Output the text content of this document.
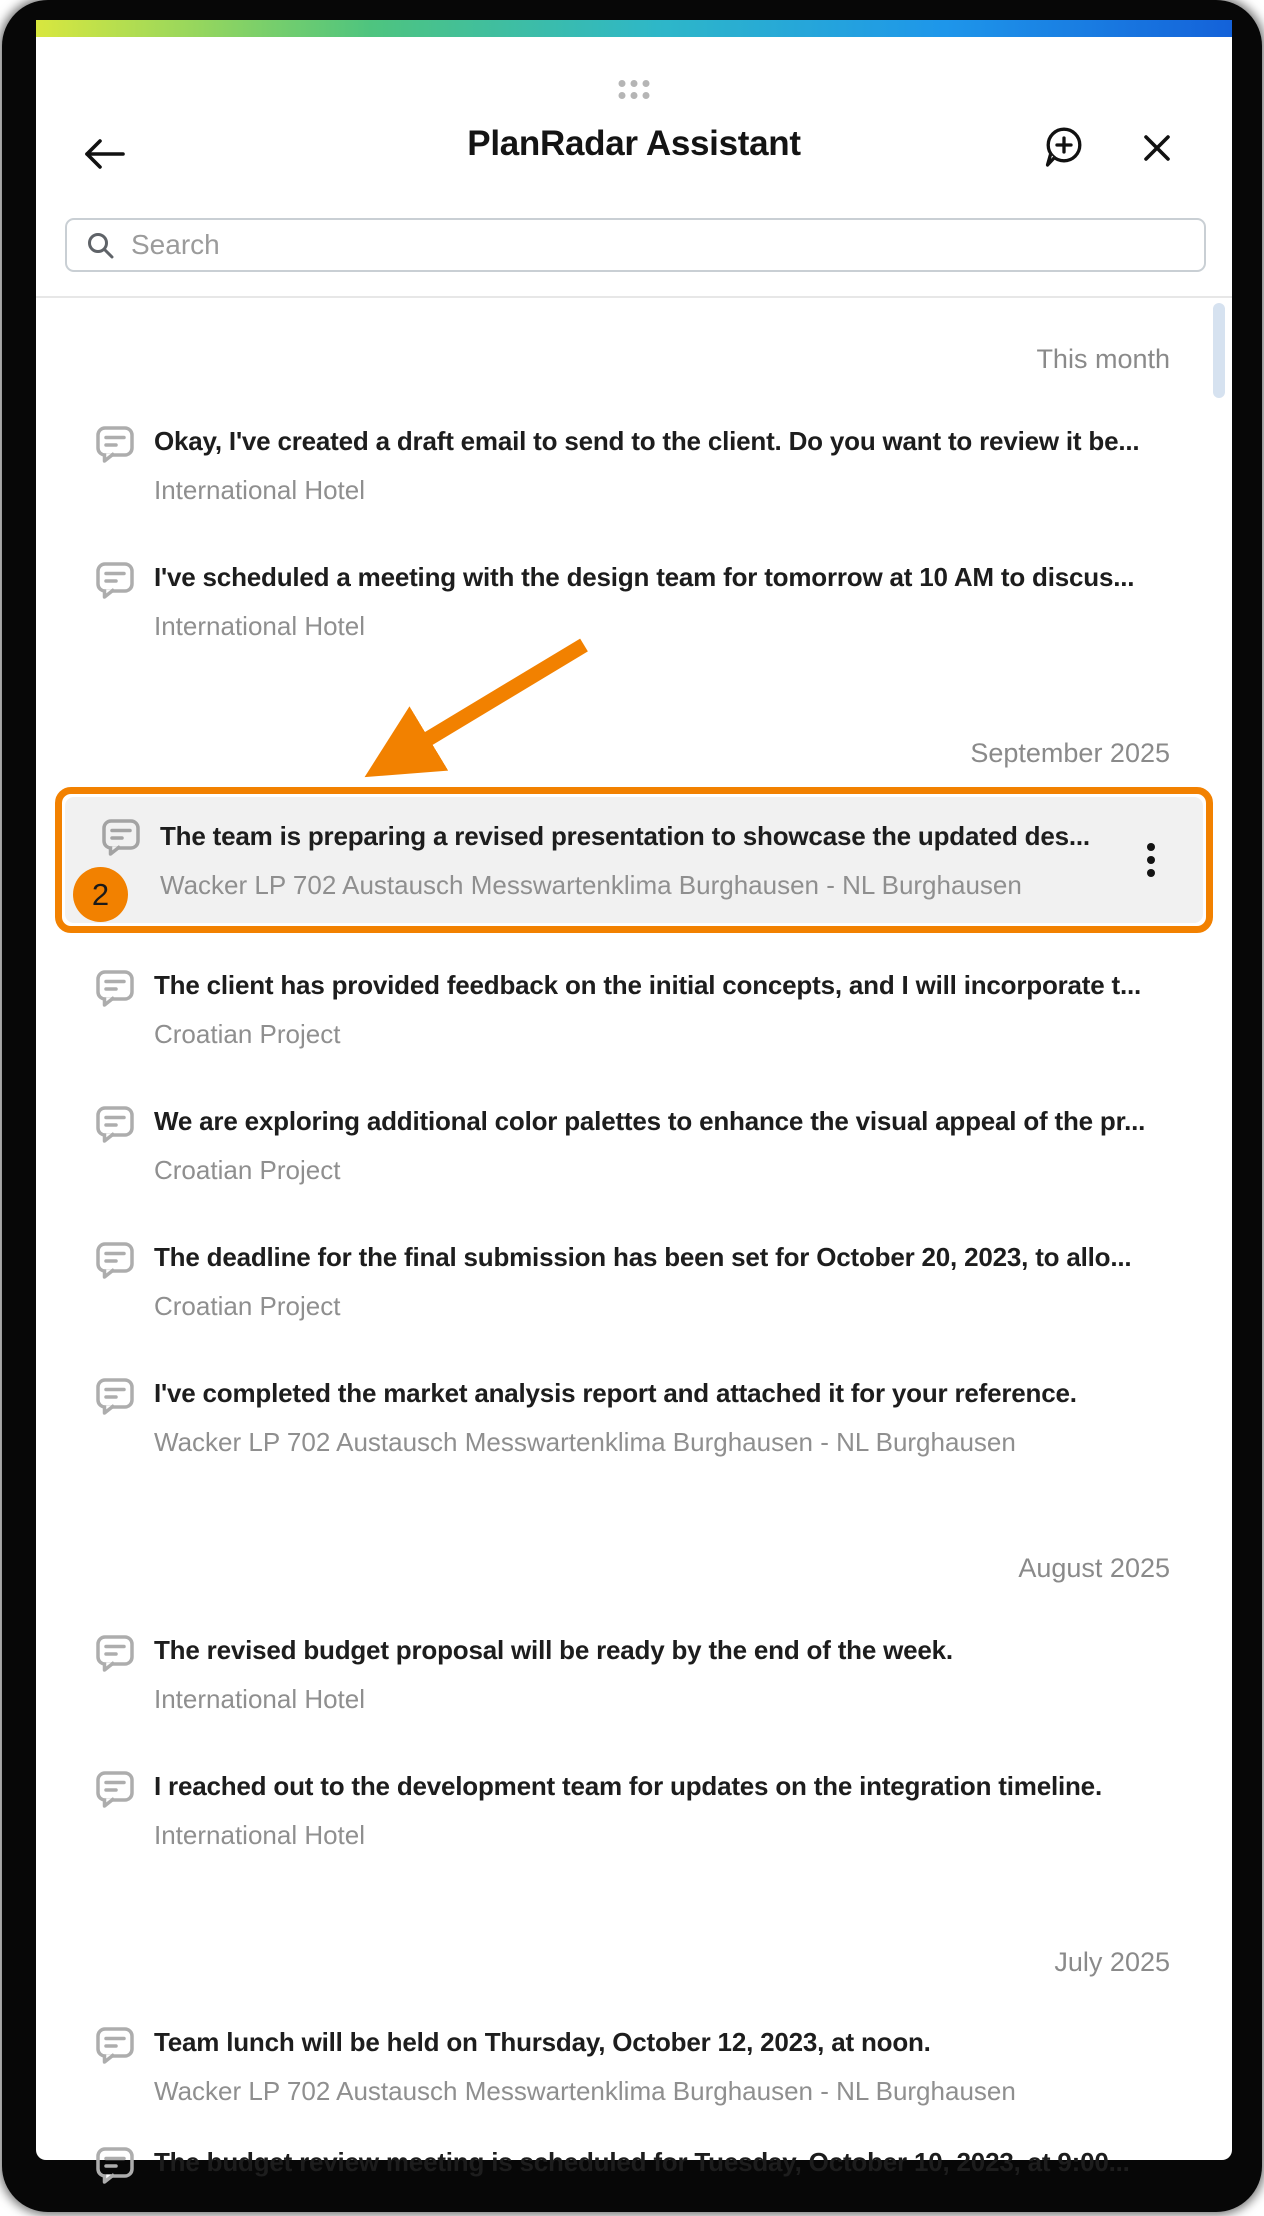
PlanRadar Assistant
Search
This month
Okay, I've created a draft email to send to the client. Do you want to review it be...
International Hotel
I've scheduled a meeting with the design team for tomorrow at 10 AM to discus...
International Hotel
September 2025
The team is preparing a revised presentation to showcase the updated des...
Wacker LP 702 Austausch Messwartenklima Burghausen - NL Burghausen
2
The client has provided feedback on the initial concepts, and I will incorporate t...
Croatian Project
We are exploring additional color palettes to enhance the visual appeal of the pr...
Croatian Project
The deadline for the final submission has been set for October 20, 2023, to allo...
Croatian Project
I've completed the market analysis report and attached it for your reference.
Wacker LP 702 Austausch Messwartenklima Burghausen - NL Burghausen
August 2025
The revised budget proposal will be ready by the end of the week.
International Hotel
I reached out to the development team for updates on the integration timeline.
International Hotel
July 2025
Team lunch will be held on Thursday, October 12, 2023, at noon.
Wacker LP 702 Austausch Messwartenklima Burghausen - NL Burghausen
The budget review meeting is scheduled for Tuesday, October 10, 2023, at 9:00...
